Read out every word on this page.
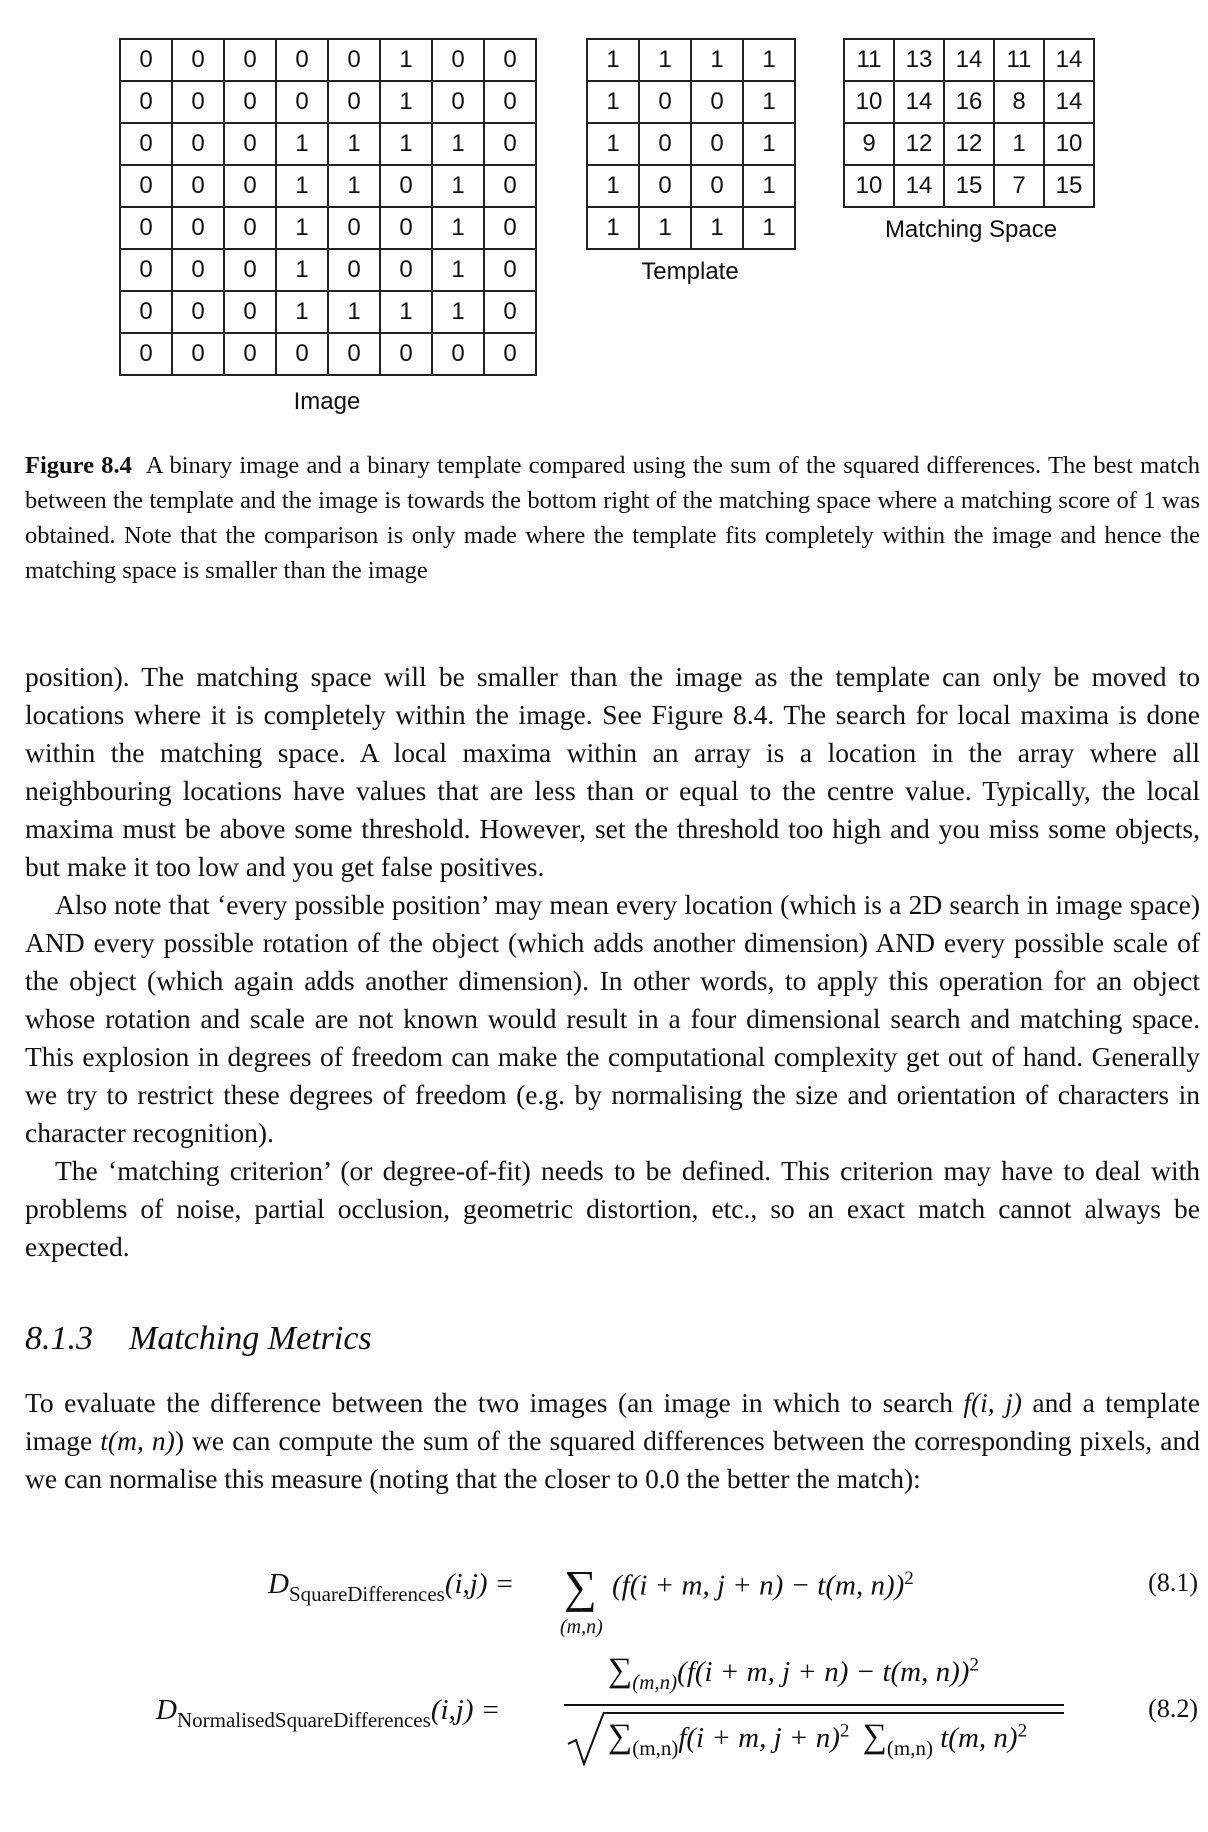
0	0	0	0	0	1	0	0
0	0	0	0	0	1	0	0
0	0	0	1	1	1	1	0
0	0	0	1	1	0	1	0
0	0	0	1	0	0	1	0
0	0	0	1	0	0	1	0
0	0	0	1	1	1	1	0
0	0	0	0	0	0	0	0
Image
1	1	1	1
1	0	0	1
1	0	0	1
1	0	0	1
1	1	1	1
Template
11	13	14	11	14
10	14	16	8	14
9	12	12	1	10
10	14	15	7	15
Matching Space
Figure 8.4 A binary image and a binary template compared using the sum of the squared differences. The best match between the template and the image is towards the bottom right of the matching space where a matching score of 1 was obtained. Note that the comparison is only made where the template fits completely within the image and hence the matching space is smaller than the image

position). The matching space will be smaller than the image as the template can only be moved to locations where it is completely within the image. See Figure 8.4. The search for local maxima is done within the matching space. A local maxima within an array is a location in the array where all neighbouring locations have values that are less than or equal to the centre value. Typically, the local maxima must be above some threshold. However, set the threshold too high and you miss some objects, but make it too low and you get false positives.

Also note that ‘every possible position’ may mean every location (which is a 2D search in image space) AND every possible rotation of the object (which adds another dimension) AND every possible scale of the object (which again adds another dimension). In other words, to apply this operation for an object whose rotation and scale are not known would result in a four dimensional search and matching space. This explosion in degrees of freedom can make the computational complexity get out of hand. Generally we try to restrict these degrees of freedom (e.g. by normalising the size and orientation of characters in character recognition).

The ‘matching criterion’ (or degree-of-fit) needs to be defined. This criterion may have to deal with problems of noise, partial occlusion, geometric distortion, etc., so an exact match cannot always be expected.

8.1.3 Matching Metrics

To evaluate the difference between the two images (an image in which to search f(i, j) and a template image t(m, n)) we can compute the sum of the squared differences between the corresponding pixels, and we can normalise this measure (noting that the closer to 0.0 the better the match):

$D_{SquareDifferences}(i,j)$ = ∑
(m,n)
(f(i + m, j + n) − t(m, n))$^2$	(8.1)
$D_{NormalisedSquareDifferences}(i,j)$ =
$\sum_{(m,n)}(f(i + m$, j + n) − t(m, n))$^2$
$\sum_{(m,n)}f(i + m$, j + n)$^2$ $\sum_{(m,n)}$ t(m, n)$^2$
(8.2)
